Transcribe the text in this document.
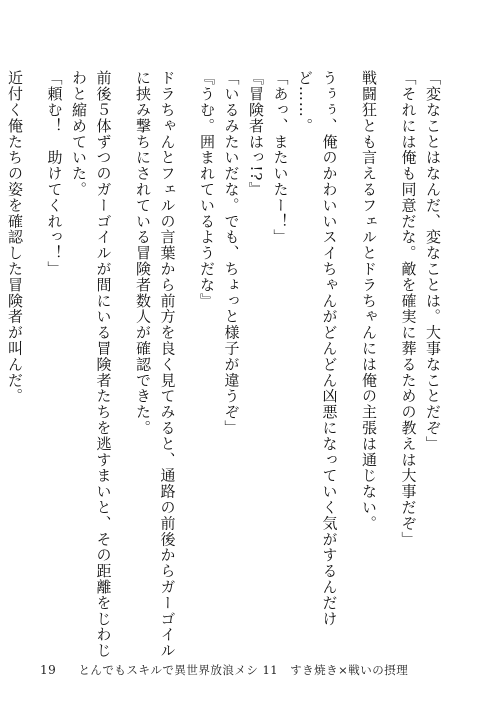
「変なことはなんだ、変なことは。大事なことだぞ」

「それには俺も同意だな。敵を確実に葬るための教えは大事だぞ」

戦闘狂とも言えるフェルとドラちゃんには俺の主張は通じない。

うぅぅ、俺のかわいいスイちゃんがどんどん凶悪になっていく気がするんだけど……。

「あっ、またいたー！」

『冒険者はっ!?』

「いるみたいだな。でも、ちょっと様子が違うぞ」

『うむ。囲まれているようだな』

ドラちゃんとフェルの言葉から前方を良く見てみると、通路の前後からガーゴイルに挟み撃ちにされている冒険者数人が確認できた。

前後５体ずつのガーゴイルが間にいる冒険者たちを逃すまいと、その距離をじわじわと縮めていた。

「頼む！　助けてくれっ！」

近付く俺たちの姿を確認した冒険者が叫んだ。

19 とんでもスキルで異世界放浪メシ 11　すき焼き×戦いの摂理
